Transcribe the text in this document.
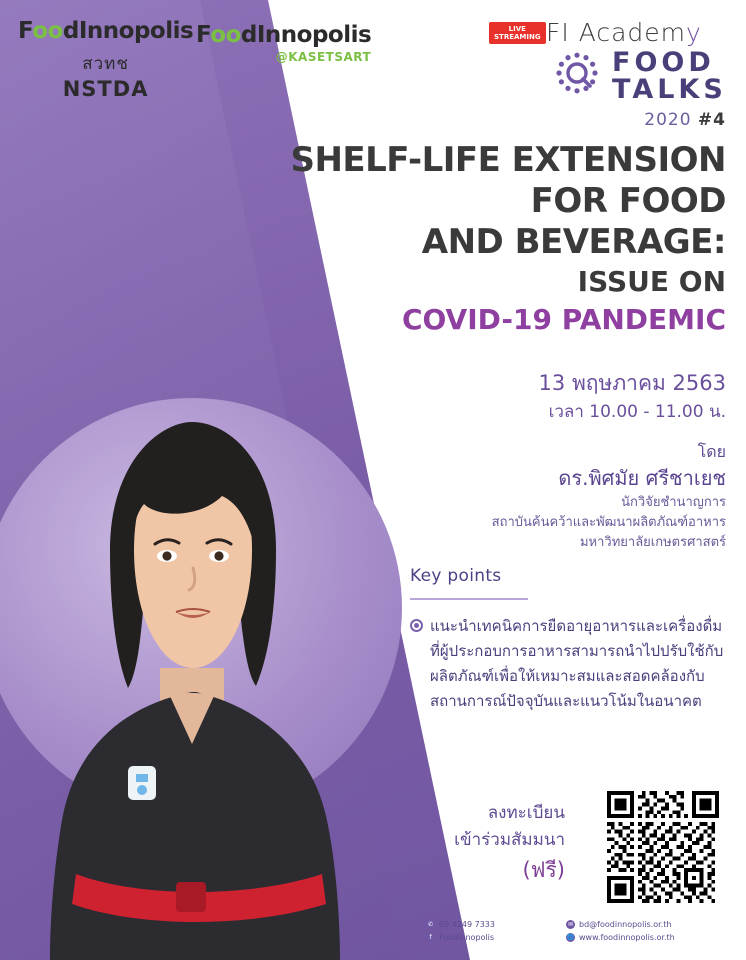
FoodInnopolis
สวทช
NSTDA
FoodInnopolis
@KASETSART
LIVE
STREAMING FI Academy
FOOD
TALKS
2020 #4
SHELF-LIFE EXTENSION
FOR FOOD
AND BEVERAGE:
ISSUE ON
COVID-19 PANDEMIC
13 พฤษภาคม 2563
เวลา 10.00 - 11.00 น.
โดย
ดร.พิศมัย ศรีชาเยช
นักวิจัยชำนาญการ
สถาบันค้นคว้าและพัฒนาผลิตภัณฑ์อาหาร
มหาวิทยาลัยเกษตรศาสตร์
Key points
แนะนำเทคนิคการยืดอายุอาหารและเครื่องดื่ม ที่ผู้ประกอบการอาหารสามารถนำไปปรับใช้กับผลิตภัณฑ์เพื่อให้เหมาะสมและสอดคล้องกับสถานการณ์ปัจจุบันและแนวโน้มในอนาคต
ลงทะเบียน
เข้าร่วมสัมมนา
(ฟรี)
✆ 09 4249 7333	✉ bd@foodinnopolis.or.th
f Foodinnopolis	🌐 www.foodinnopolis.or.th
